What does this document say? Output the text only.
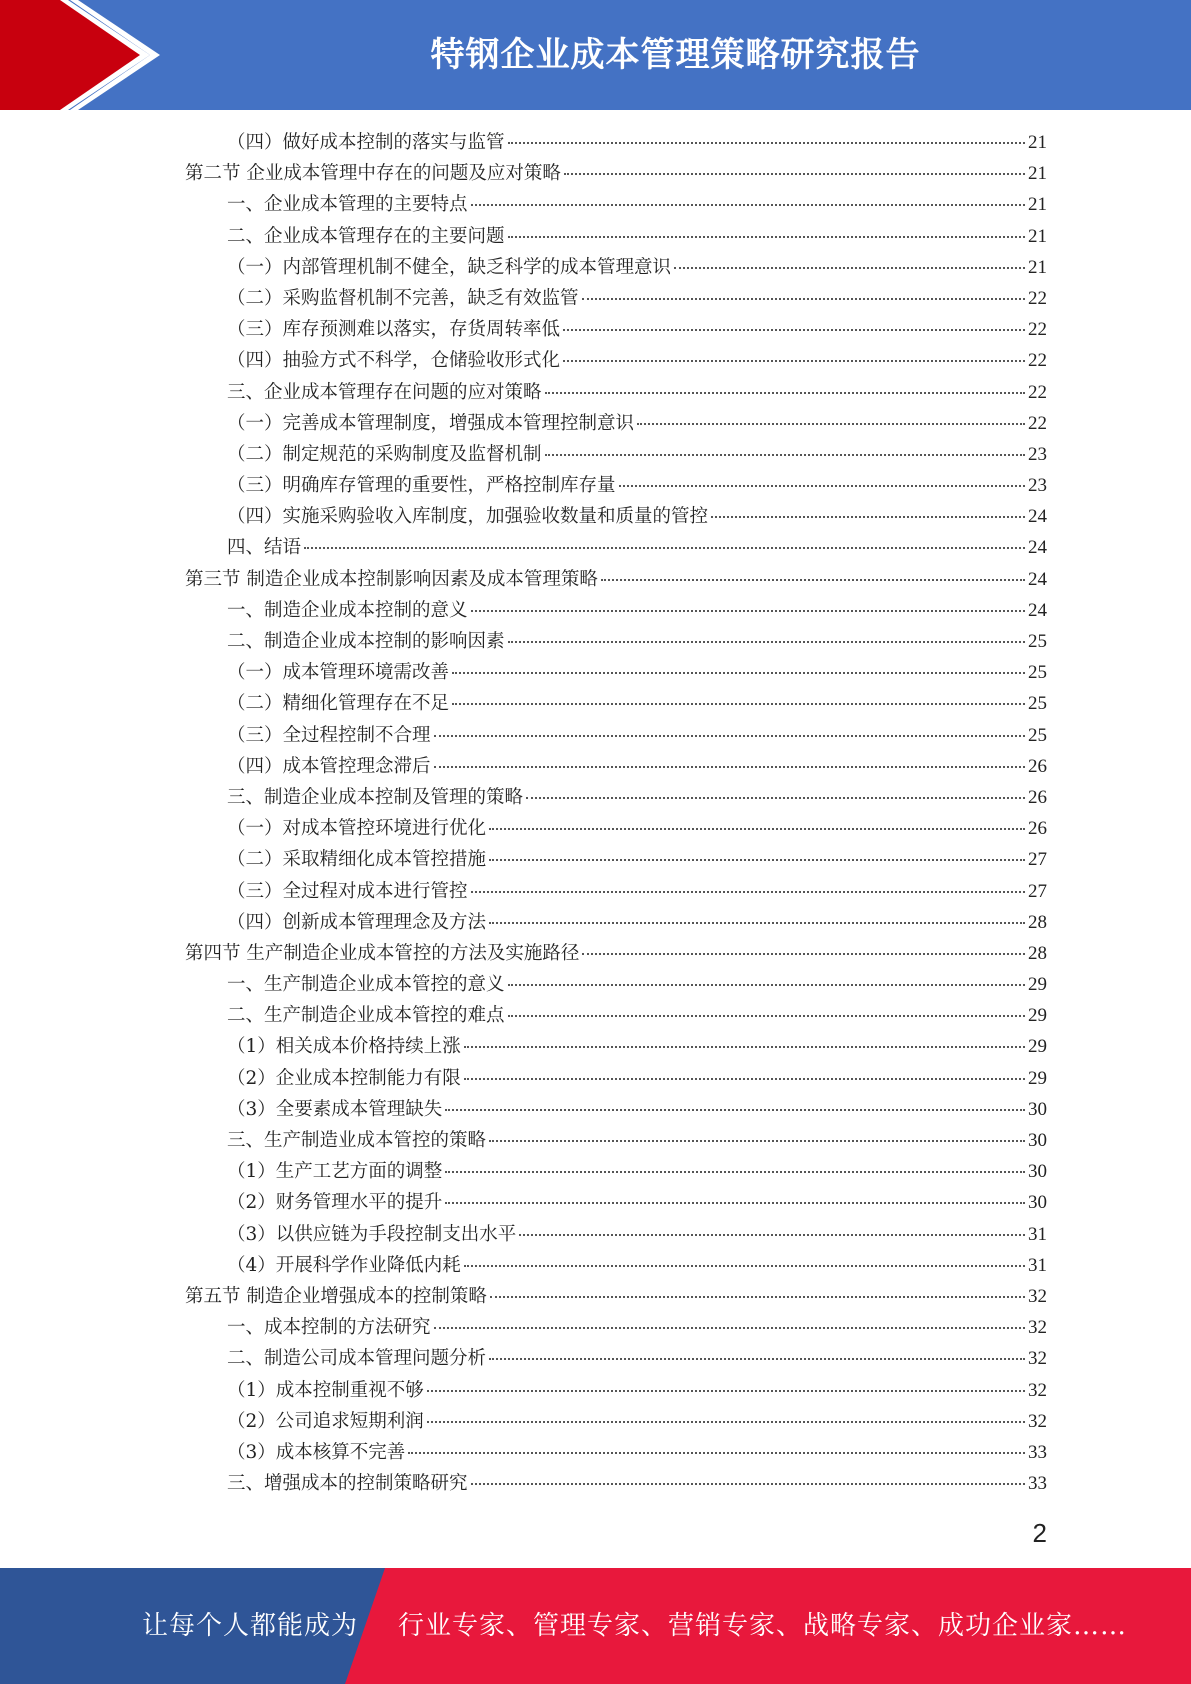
特钢企业成本管理策略研究报告
（四）做好成本控制的落实与监管	21
第二节 企业成本管理中存在的问题及应对策略	21
一、企业成本管理的主要特点	21
二、企业成本管理存在的主要问题	21
（一）内部管理机制不健全，缺乏科学的成本管理意识	21
（二）采购监督机制不完善，缺乏有效监管	22
（三）库存预测难以落实，存货周转率低	22
（四）抽验方式不科学，仓储验收形式化	22
三、企业成本管理存在问题的应对策略	22
（一）完善成本管理制度，增强成本管理控制意识	22
（二）制定规范的采购制度及监督机制	23
（三）明确库存管理的重要性，严格控制库存量	23
（四）实施采购验收入库制度，加强验收数量和质量的管控	24
四、结语	24
第三节 制造企业成本控制影响因素及成本管理策略	24
一、制造企业成本控制的意义	24
二、制造企业成本控制的影响因素	25
（一）成本管理环境需改善	25
（二）精细化管理存在不足	25
（三）全过程控制不合理	25
（四）成本管控理念滞后	26
三、制造企业成本控制及管理的策略	26
（一）对成本管控环境进行优化	26
（二）采取精细化成本管控措施	27
（三）全过程对成本进行管控	27
（四）创新成本管理理念及方法	28
第四节 生产制造企业成本管控的方法及实施路径	28
一、生产制造企业成本管控的意义	29
二、生产制造企业成本管控的难点	29
（1）相关成本价格持续上涨	29
（2）企业成本控制能力有限	29
（3）全要素成本管理缺失	30
三、生产制造业成本管控的策略	30
（1）生产工艺方面的调整	30
（2）财务管理水平的提升	30
（3）以供应链为手段控制支出水平	31
（4）开展科学作业降低内耗	31
第五节 制造企业增强成本的控制策略	32
一、成本控制的方法研究	32
二、制造公司成本管理问题分析	32
（1）成本控制重视不够	32
（2）公司追求短期利润	32
（3）成本核算不完善	33
三、增强成本的控制策略研究	33
2
让每个人都能成为 行业专家、管理专家、营销专家、战略专家、成功企业家……
